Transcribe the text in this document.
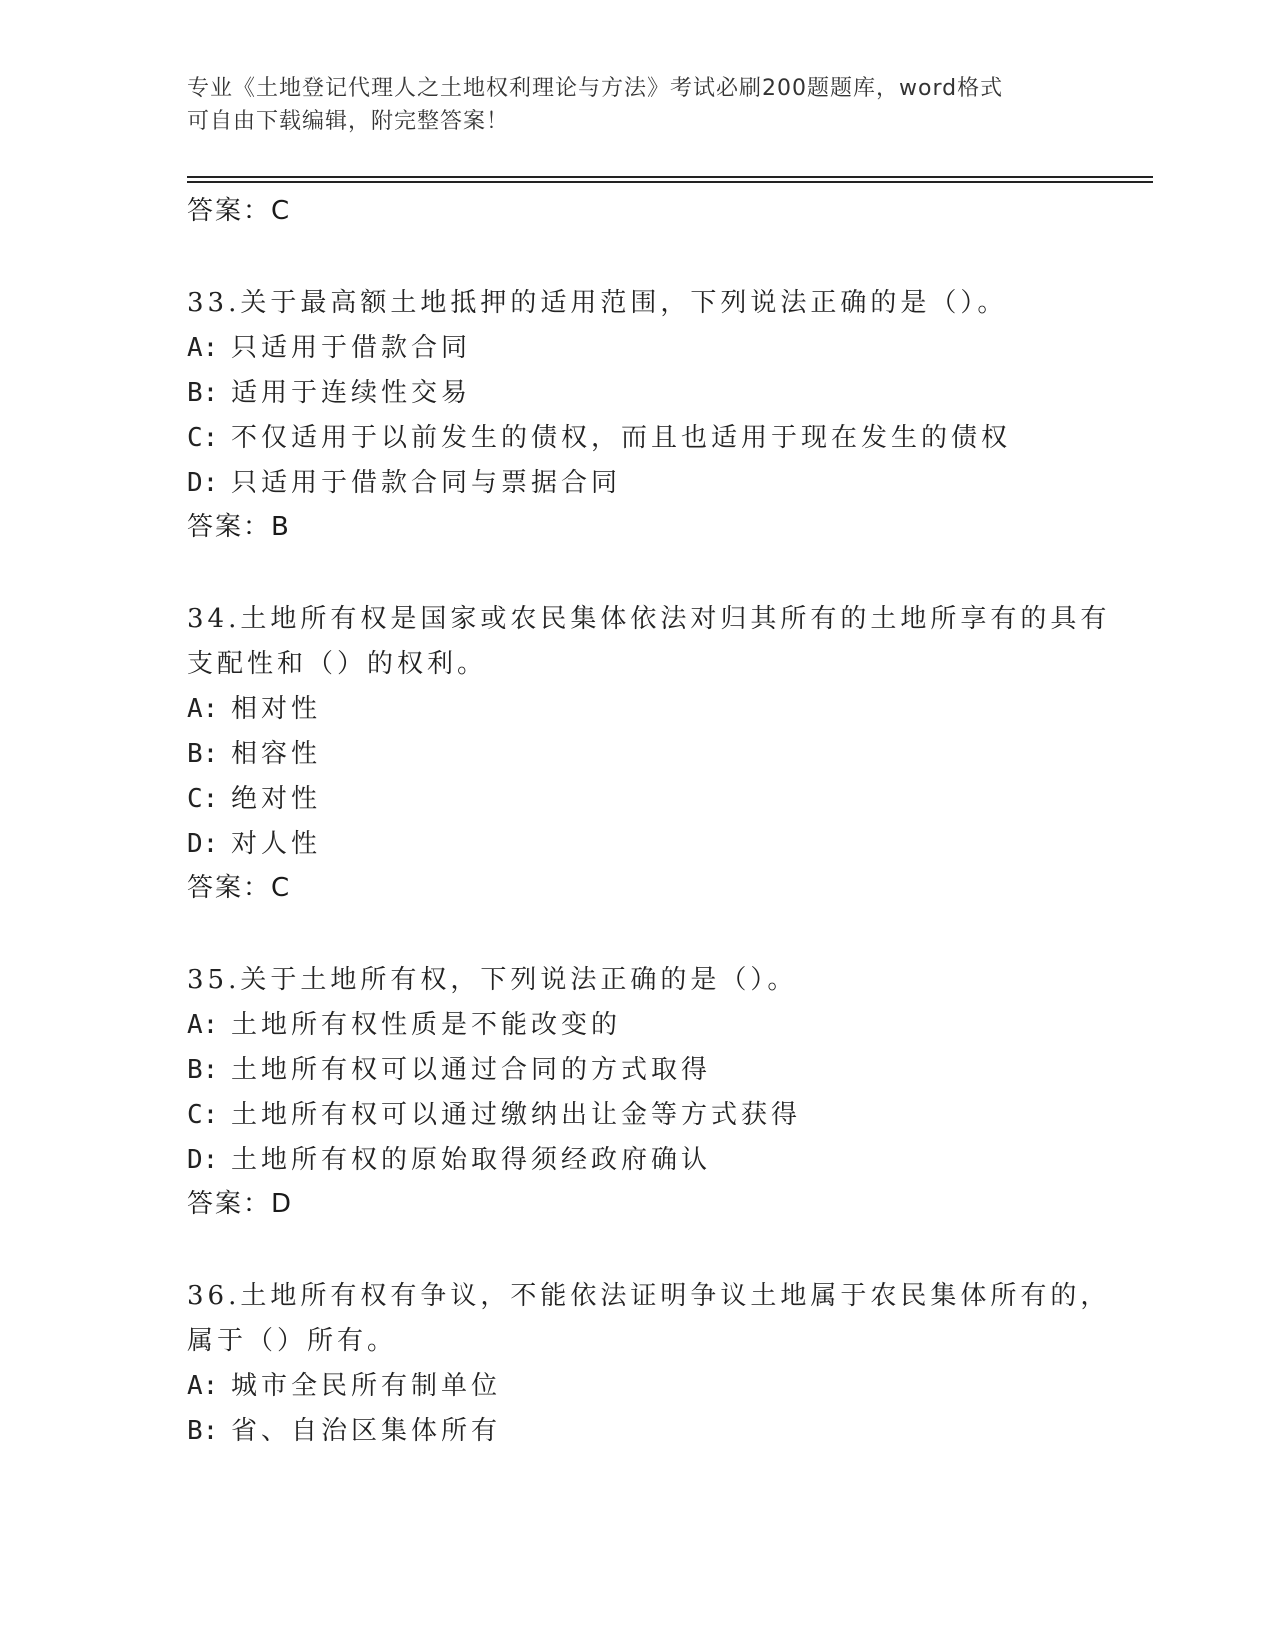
专业《土地登记代理人之土地权利理论与方法》考试必刷200题题库，word格式
可自由下载编辑，附完整答案！
答案：C

33.关于最高额土地抵押的适用范围，下列说法正确的是（）。

A: 只适用于借款合同
B: 适用于连续性交易
C: 不仅适用于以前发生的债权，而且也适用于现在发生的债权
D: 只适用于借款合同与票据合同
答案：B

34.土地所有权是国家或农民集体依法对归其所有的土地所享有的具有支配性和（）的权利。

A: 相对性
B: 相容性
C: 绝对性
D: 对人性
答案：C

35.关于土地所有权，下列说法正确的是（）。

A: 土地所有权性质是不能改变的
B: 土地所有权可以通过合同的方式取得
C: 土地所有权可以通过缴纳出让金等方式获得
D: 土地所有权的原始取得须经政府确认
答案：D

36.土地所有权有争议，不能依法证明争议土地属于农民集体所有的，属于（）所有。

A: 城市全民所有制单位
B: 省、自治区集体所有
